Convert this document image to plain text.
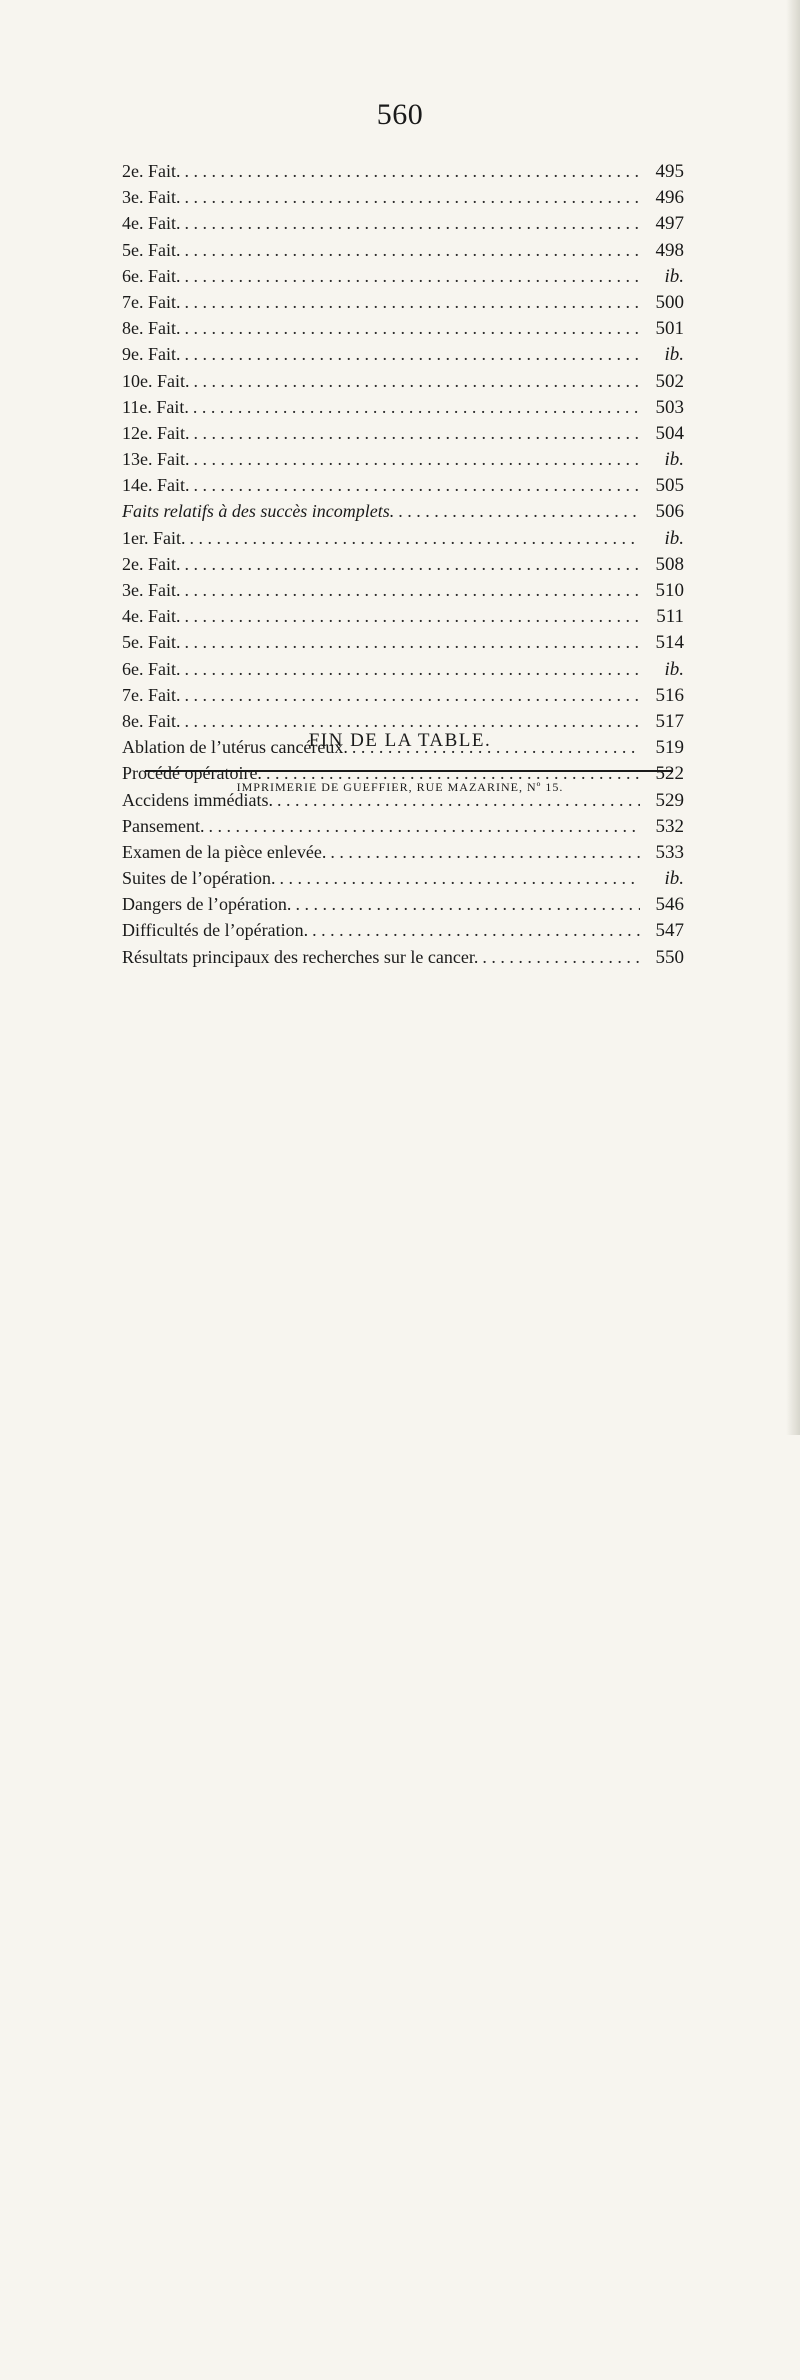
560
2e. Fait. . . .	495
3e. Fait. . . .	496
4e. Fait. . . .	497
5e. Fait. . . .	498
6e. Fait. . . .	ib.
7e. Fait. . . .	500
8e. Fait. . . .	501
9e. Fait. . . .	ib.
10e. Fait. . . .	502
11e. Fait. . . .	503
12e. Fait. . . .	504
13e. Fait. . . .	ib.
14e. Fait. . . .	505
Faits relatifs à des succès incomplets. . . .	506
1er. Fait. . . .	ib.
2e. Fait. . . .	508
3e. Fait. . . .	510
4e. Fait. . . .	511
5e. Fait. . . .	514
6e. Fait. . . .	ib.
7e. Fait. . . .	516
8e. Fait. . . .	517
Ablation de l’utérus cancéreux. . . .	519
Procédé opératoire. . . .	522
Accidens immédiats. . . .	529
Pansement. . . .	532
Examen de la pièce enlevée. . . .	533
Suites de l’opération. . . .	ib.
Dangers de l’opération. . . .	546
Difficultés de l’opération. . . .	547
Résultats principaux des recherches sur le cancer. . . .	550
FIN DE LA TABLE.
IMPRIMERIE DE GUEFFIER, RUE MAZARINE, Nº 15.
